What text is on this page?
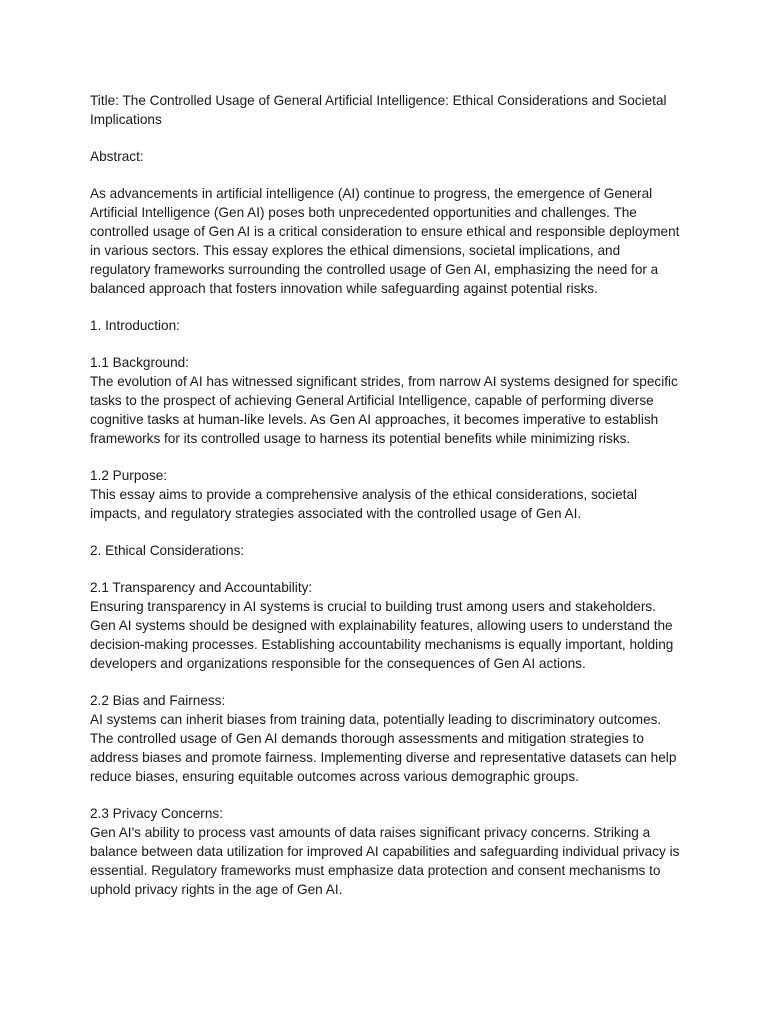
Title: The Controlled Usage of General Artificial Intelligence: Ethical Considerations and Societal Implications
Abstract:
As advancements in artificial intelligence (AI) continue to progress, the emergence of General Artificial Intelligence (Gen AI) poses both unprecedented opportunities and challenges. The controlled usage of Gen AI is a critical consideration to ensure ethical and responsible deployment in various sectors. This essay explores the ethical dimensions, societal implications, and regulatory frameworks surrounding the controlled usage of Gen AI, emphasizing the need for a balanced approach that fosters innovation while safeguarding against potential risks.
1. Introduction:
1.1 Background:
The evolution of AI has witnessed significant strides, from narrow AI systems designed for specific tasks to the prospect of achieving General Artificial Intelligence, capable of performing diverse cognitive tasks at human-like levels. As Gen AI approaches, it becomes imperative to establish frameworks for its controlled usage to harness its potential benefits while minimizing risks.
1.2 Purpose:
This essay aims to provide a comprehensive analysis of the ethical considerations, societal impacts, and regulatory strategies associated with the controlled usage of Gen AI.
2. Ethical Considerations:
2.1 Transparency and Accountability:
Ensuring transparency in AI systems is crucial to building trust among users and stakeholders. Gen AI systems should be designed with explainability features, allowing users to understand the decision-making processes. Establishing accountability mechanisms is equally important, holding developers and organizations responsible for the consequences of Gen AI actions.
2.2 Bias and Fairness:
AI systems can inherit biases from training data, potentially leading to discriminatory outcomes. The controlled usage of Gen AI demands thorough assessments and mitigation strategies to address biases and promote fairness. Implementing diverse and representative datasets can help reduce biases, ensuring equitable outcomes across various demographic groups.
2.3 Privacy Concerns:
Gen AI's ability to process vast amounts of data raises significant privacy concerns. Striking a balance between data utilization for improved AI capabilities and safeguarding individual privacy is essential. Regulatory frameworks must emphasize data protection and consent mechanisms to uphold privacy rights in the age of Gen AI.
